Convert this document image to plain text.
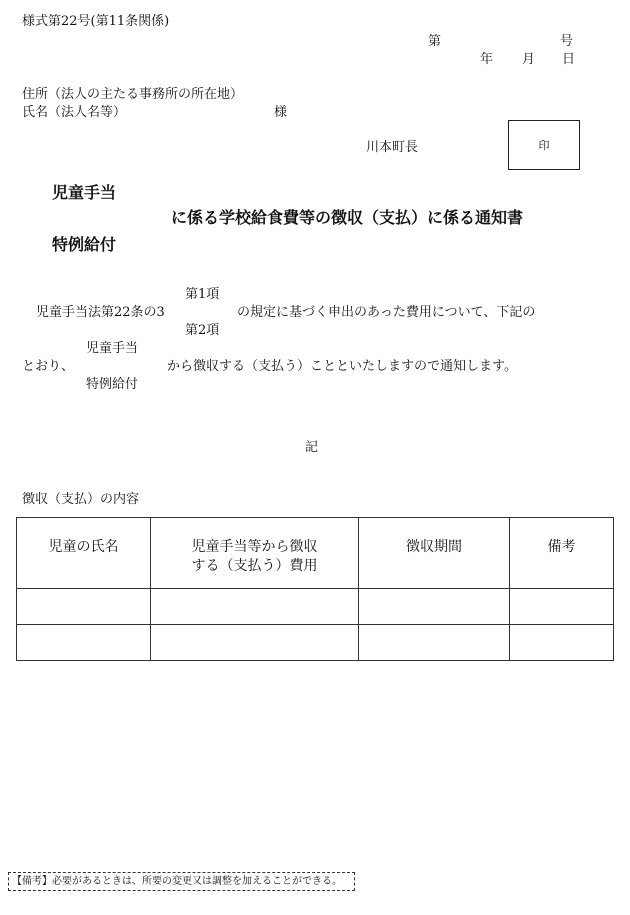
様式第22号(第11条関係)
第	号
年 月 日
住所（法人の主たる事務所の所在地）
氏名（法人名等）	様
川本町長	印
児童手当
に係る学校給食費等の徴収（支払）に係る通知書
特例給付
第1項
児童手当法第22条の3	の規定に基づく申出のあった費用について、下記の
第2項
児童手当
とおり、	から徴収する（支払う）ことといたしますので通知します。
特例給付
記
徴収（支払）の内容
児童の氏名	児童手当等から徴収
する（支払う）費用	徴収期間	備考

【備考】必要があるときは、所要の変更又は調整を加えることができる。
